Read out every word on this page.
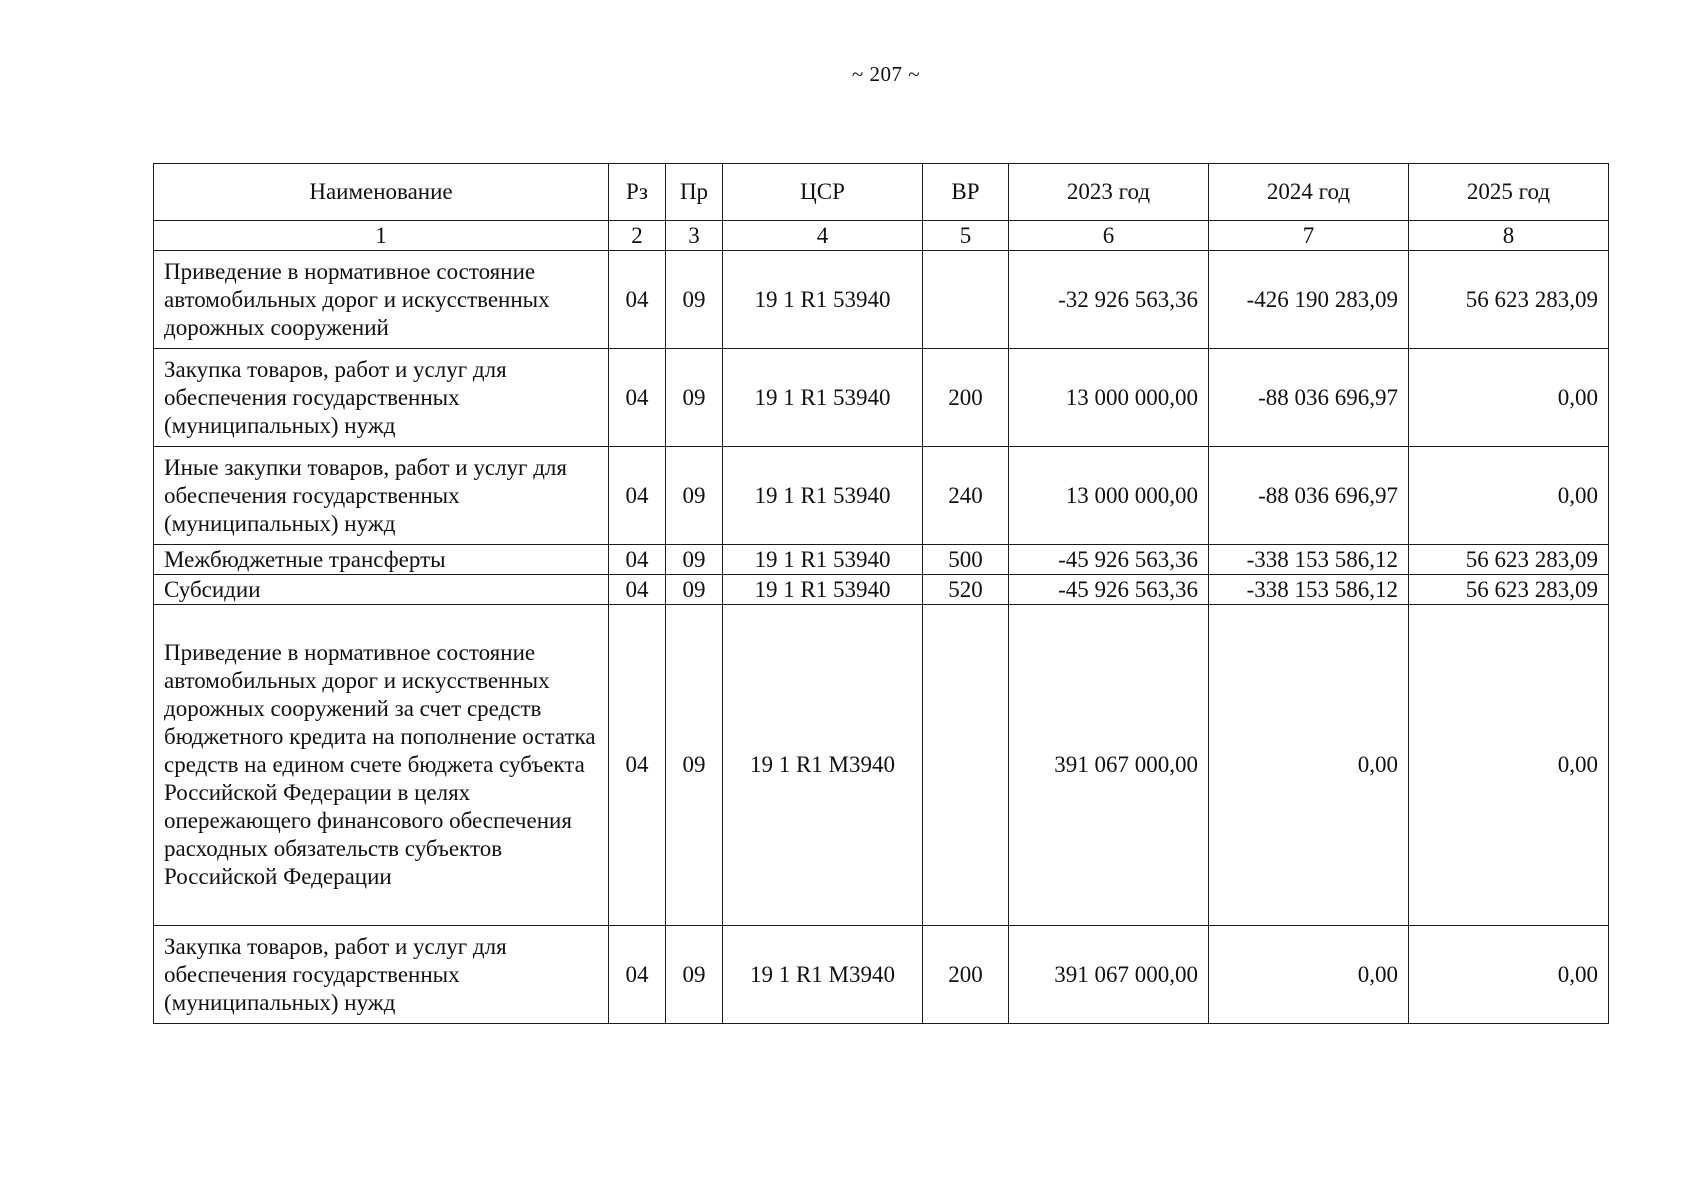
~ 207 ~
Наименование	Рз	Пр	ЦСР	ВР	2023 год	2024 год	2025 год
1	2	3	4	5	6	7	8
Приведение в нормативное состояние автомобильных дорог и искусственных дорожных сооружений	04	09	19 1 R1 53940		-32 926 563,36	-426 190 283,09	56 623 283,09
Закупка товаров, работ и услуг для обеспечения государственных (муниципальных) нужд	04	09	19 1 R1 53940	200	13 000 000,00	-88 036 696,97	0,00
Иные закупки товаров, работ и услуг для обеспечения государственных (муниципальных) нужд	04	09	19 1 R1 53940	240	13 000 000,00	-88 036 696,97	0,00
Межбюджетные трансферты	04	09	19 1 R1 53940	500	-45 926 563,36	-338 153 586,12	56 623 283,09
Субсидии	04	09	19 1 R1 53940	520	-45 926 563,36	-338 153 586,12	56 623 283,09
Приведение в нормативное состояние автомобильных дорог и искусственных дорожных сооружений за счет средств бюджетного кредита на пополнение остатка средств на едином счете бюджета субъекта Российской Федерации в целях опережающего финансового обеспечения расходных обязательств субъектов Российской Федерации	04	09	19 1 R1 M3940		391 067 000,00	0,00	0,00
Закупка товаров, работ и услуг для обеспечения государственных (муниципальных) нужд	04	09	19 1 R1 M3940	200	391 067 000,00	0,00	0,00
